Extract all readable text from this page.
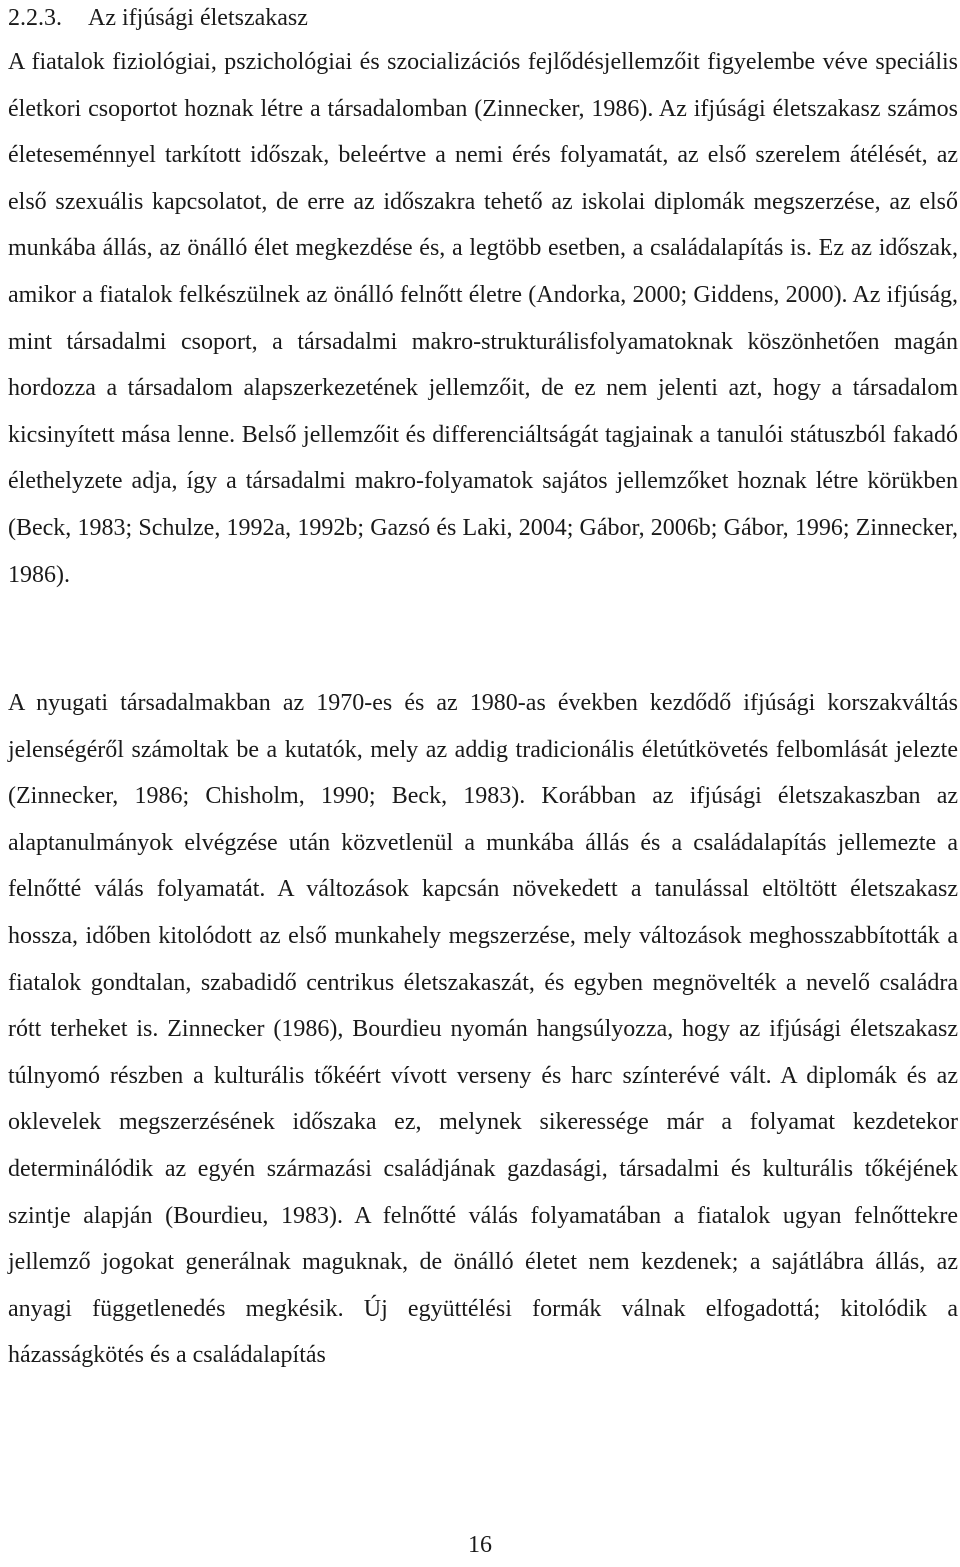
2.2.3. Az ifjúsági életszakasz

A fiatalok fiziológiai, pszichológiai és szocializációs fejlődésjellemzőit figyelembe véve speciális életkori csoportot hoznak létre a társadalomban (Zinnecker, 1986). Az ifjúsági életszakasz számos életeseménnyel tarkított időszak, beleértve a nemi érés folyamatát, az első szerelem átélését, az első szexuális kapcsolatot, de erre az időszakra tehető az iskolai diplomák megszerzése, az első munkába állás, az önálló élet megkezdése és, a legtöbb esetben, a családalapítás is. Ez az időszak, amikor a fiatalok felkészülnek az önálló felnőtt életre (Andorka, 2000; Giddens, 2000). Az ifjúság, mint társadalmi csoport, a társadalmi makro-strukturálisfolyamatoknak köszönhetően magán hordozza a társadalom alapszerkezetének jellemzőit, de ez nem jelenti azt, hogy a társadalom kicsinyített mása lenne. Belső jellemzőit és differenciáltságát tagjainak a tanulói státuszból fakadó élethelyzete adja, így a társadalmi makro-folyamatok sajátos jellemzőket hoznak létre körükben (Beck, 1983; Schulze, 1992a, 1992b; Gazsó és Laki, 2004; Gábor, 2006b; Gábor, 1996; Zinnecker, 1986).

A nyugati társadalmakban az 1970-es és az 1980-as években kezdődő ifjúsági korszakváltás jelenségéről számoltak be a kutatók, mely az addig tradicionális életútkövetés felbomlását jelezte (Zinnecker, 1986; Chisholm, 1990; Beck, 1983). Korábban az ifjúsági életszakaszban az alaptanulmányok elvégzése után közvetlenül a munkába állás és a családalapítás jellemezte a felnőtté válás folyamatát. A változások kapcsán növekedett a tanulással eltöltött életszakasz hossza, időben kitolódott az első munkahely megszerzése, mely változások meghosszabbították a fiatalok gondtalan, szabadidő centrikus életszakaszát, és egyben megnövelték a nevelő családra rótt terheket is. Zinnecker (1986), Bourdieu nyomán hangsúlyozza, hogy az ifjúsági életszakasz túlnyomó részben a kulturális tőkéért vívott verseny és harc színterévé vált. A diplomák és az oklevelek megszerzésének időszaka ez, melynek sikeressége már a folyamat kezdetekor determinálódik az egyén származási családjának gazdasági, társadalmi és kulturális tőkéjének szintje alapján (Bourdieu, 1983). A felnőtté válás folyamatában a fiatalok ugyan felnőttekre jellemző jogokat generálnak maguknak, de önálló életet nem kezdenek; a sajátlábra állás, az anyagi függetlenedés megkésik. Új együttélési formák válnak elfogadottá; kitolódik a házasságkötés és a családalapítás

16
